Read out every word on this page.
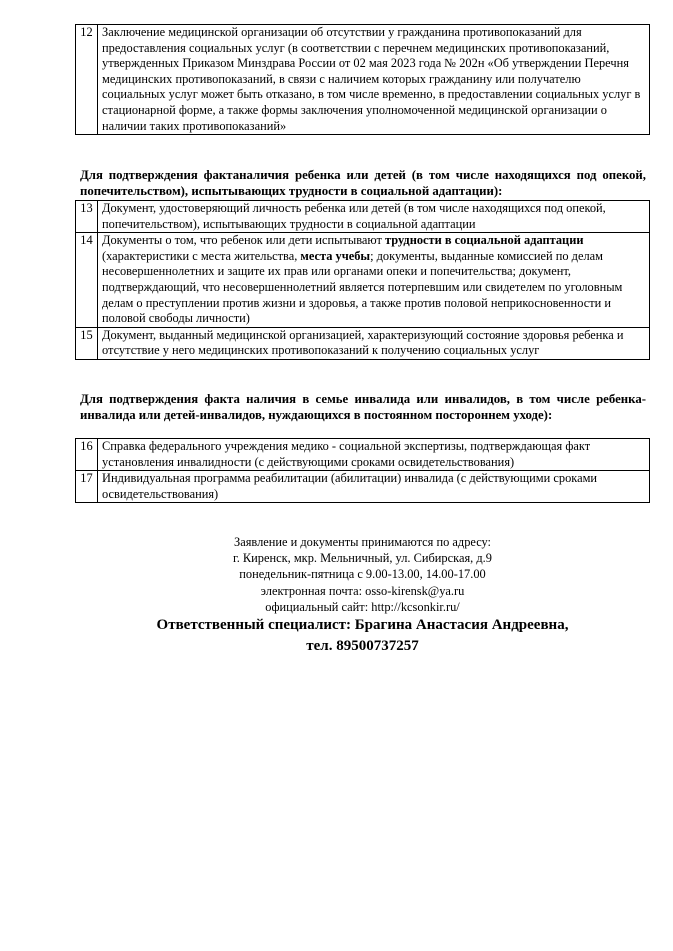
12	Заключение медицинской организации об отсутствии у гражданина противопоказаний для предоставления социальных услуг (в соответствии с перечнем медицинских противопоказаний, утвержденных Приказом Минздрава России от 02 мая 2023 года № 202н «Об утверждении Перечня медицинских противопоказаний, в связи с наличием которых гражданину или получателю социальных услуг может быть отказано, в том числе временно, в предоставлении социальных услуг в стационарной форме, а также формы заключения уполномоченной медицинской организации о наличии таких противопоказаний»

Для подтверждения фактаналичия ребенка или детей (в том числе находящихся под опекой, попечительством), испытывающих трудности в социальной адаптации):

13	Документ, удостоверяющий личность ребенка или детей (в том числе находящихся под опекой, попечительством), испытывающих трудности в социальной адаптации
14	Документы о том, что ребенок или дети испытывают трудности в социальной адаптации (характеристики с места жительства, места учебы; документы, выданные комиссией по делам несовершеннолетних и защите их прав или органами опеки и попечительства; документ, подтверждающий, что несовершеннолетний является потерпевшим или свидетелем по уголовным делам о преступлении против жизни и здоровья, а также против половой неприкосновенности и половой свободы личности)
15	Документ, выданный медицинской организацией, характеризующий состояние здоровья ребенка и отсутствие у него медицинских противопоказаний к получению социальных услуг

Для подтверждения факта наличия в семье инвалида или инвалидов, в том числе ребенка-инвалида или детей-инвалидов, нуждающихся в постоянном постороннем уходе):

16	Справка федерального учреждения медико - социальной экспертизы, подтверждающая факт установления инвалидности (с действующими сроками освидетельствования)
17	Индивидуальная программа реабилитации (абилитации) инвалида (с действующими сроками освидетельствования)
Заявление и документы принимаются по адресу:
г. Киренск, мкр. Мельничный, ул. Сибирская, д.9
понедельник-пятница с 9.00-13.00, 14.00-17.00
электронная почта: osso-kirensk@ya.ru
официальный сайт: http://kcsonkir.ru/
Ответственный специалист: Брагина Анастасия Андреевна,
тел. 89500737257
